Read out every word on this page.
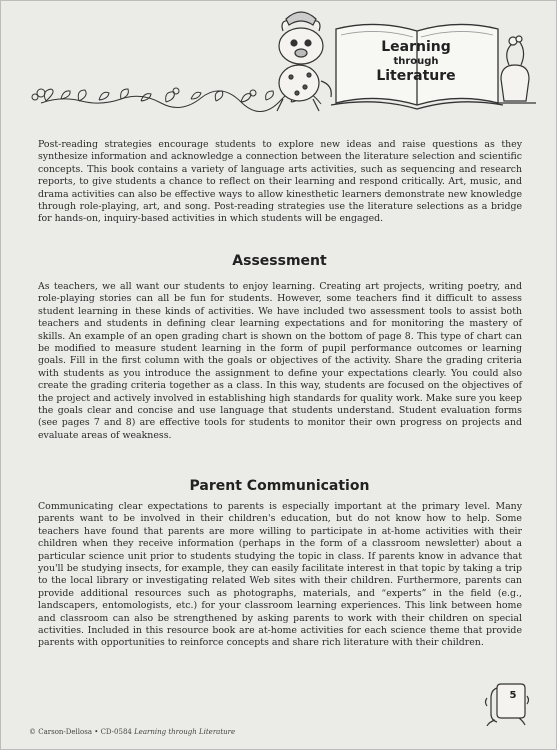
Learning
through
Literature

Post-reading strategies encourage students to explore new ideas and raise questions as they synthesize information and acknowledge a connection between the literature selection and scientific concepts. This book contains a variety of language arts activities, such as sequencing and research reports, to give students a chance to reflect on their learning and respond critically. Art, music, and drama activities can also be effective ways to allow kinesthetic learners demonstrate new knowledge through role-playing, art, and song. Post-reading strategies use the literature selections as a bridge for hands-on, inquiry-based activities in which students will be engaged.

Assessment

As teachers, we all want our students to enjoy learning. Creating art projects, writing poetry, and role-playing stories can all be fun for students. However, some teachers find it difficult to assess student learning in these kinds of activities. We have included two assessment tools to assist both teachers and students in defining clear learning expectations and for monitoring the mastery of skills. An example of an open grading chart is shown on the bottom of page 8. This type of chart can be modified to measure student learning in the form of pupil performance outcomes or learning goals. Fill in the first column with the goals or objectives of the activity. Share the grading criteria with students as you introduce the assignment to define your expectations clearly. You could also create the grading criteria together as a class. In this way, students are focused on the objectives of the project and actively involved in establishing high standards for quality work. Make sure you keep the goals clear and concise and use language that students understand. Student evaluation forms (see pages 7 and 8) are effective tools for students to monitor their own progress on projects and evaluate areas of weakness.

Parent Communication

Communicating clear expectations to parents is especially important at the primary level. Many parents want to be involved in their children's education, but do not know how to help. Some teachers have found that parents are more willing to participate in at-home activities with their children when they receive information (perhaps in the form of a classroom newsletter) about a particular science unit prior to students studying the topic in class. If parents know in advance that you'll be studying insects, for example, they can easily facilitate interest in that topic by taking a trip to the local library or investigating related Web sites with their children. Furthermore, parents can provide additional resources such as photographs, materials, and “experts” in the field (e.g., landscapers, entomologists, etc.) for your classroom learning experiences. This link between home and classroom can also be strengthened by asking parents to work with their children on special activities. Included in this resource book are at-home activities for each science theme that provide parents with opportunities to reinforce concepts and share rich literature with their children.

5
© Carson-Dellosa • CD-0584 Learning through Literature
